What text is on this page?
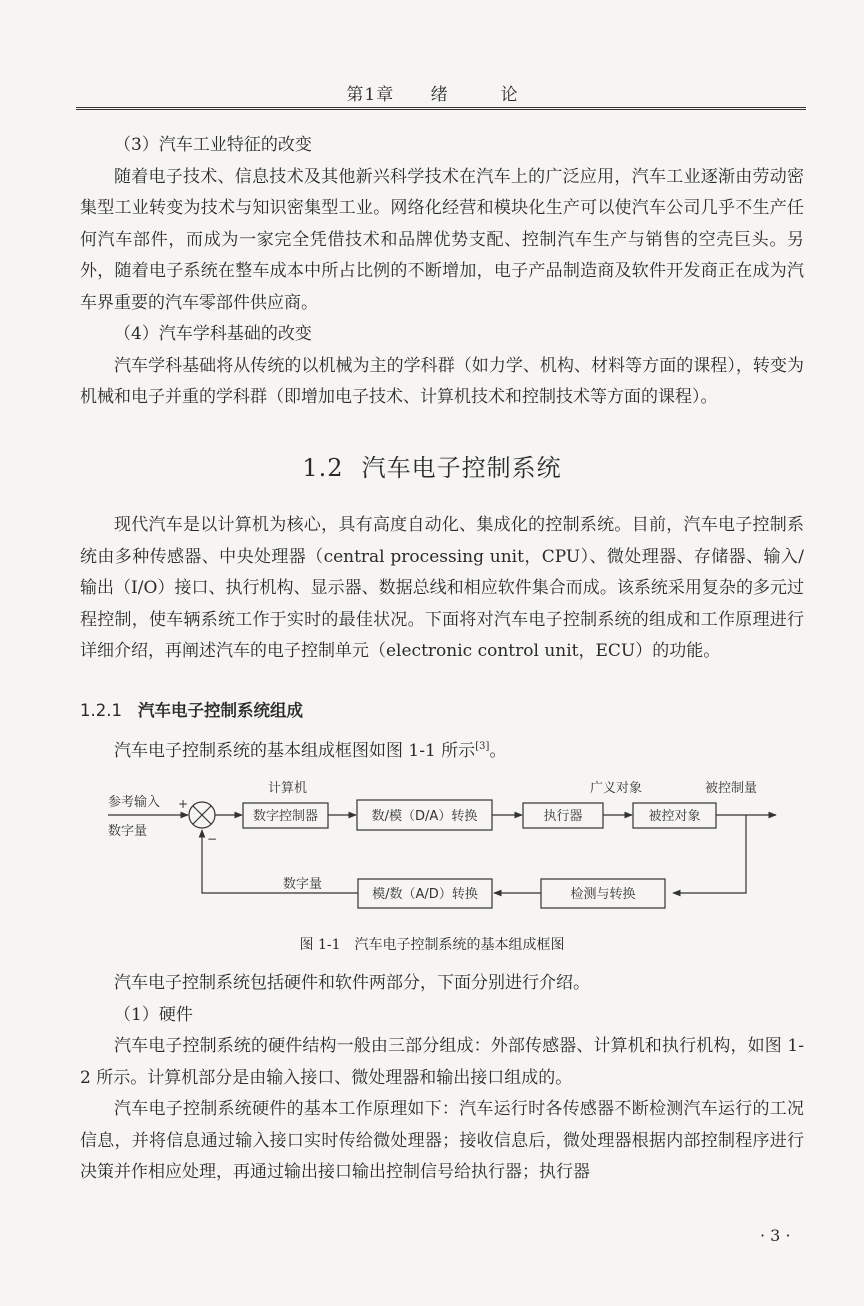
第1章 绪　论

（3）汽车工业特征的改变

随着电子技术、信息技术及其他新兴科学技术在汽车上的广泛应用，汽车工业逐渐由劳动密集型工业转变为技术与知识密集型工业。网络化经营和模块化生产可以使汽车公司几乎不生产任何汽车部件，而成为一家完全凭借技术和品牌优势支配、控制汽车生产与销售的空壳巨头。另外，随着电子系统在整车成本中所占比例的不断增加，电子产品制造商及软件开发商正在成为汽车界重要的汽车零部件供应商。

（4）汽车学科基础的改变

汽车学科基础将从传统的以机械为主的学科群（如力学、机构、材料等方面的课程），转变为机械和电子并重的学科群（即增加电子技术、计算机技术和控制技术等方面的课程）。

1.2 汽车电子控制系统

现代汽车是以计算机为核心，具有高度自动化、集成化的控制系统。目前，汽车电子控制系统由多种传感器、中央处理器（central processing unit，CPU）、微处理器、存储器、输入/输出（I/O）接口、执行机构、显示器、数据总线和相应软件集合而成。该系统采用复杂的多元过程控制，使车辆系统工作于实时的最佳状况。下面将对汽车电子控制系统的组成和工作原理进行详细介绍，再阐述汽车的电子控制单元（electronic control unit，ECU）的功能。

1.2.1 汽车电子控制系统组成

汽车电子控制系统的基本组成框图如图 1-1 所示[3]。

参考输入
数字量
+
−
计算机	广义对象	被控制量
数字量
数字控制器	数/模（D/A）转换	执行器	被控对象
模/数（A/D）转换	检测与转换
图 1-1 汽车电子控制系统的基本组成框图

汽车电子控制系统包括硬件和软件两部分，下面分别进行介绍。

（1）硬件

汽车电子控制系统的硬件结构一般由三部分组成：外部传感器、计算机和执行机构，如图 1-2 所示。计算机部分是由输入接口、微处理器和输出接口组成的。

汽车电子控制系统硬件的基本工作原理如下：汽车运行时各传感器不断检测汽车运行的工况信息，并将信息通过输入接口实时传给微处理器；接收信息后，微处理器根据内部控制程序进行决策并作相应处理，再通过输出接口输出控制信号给执行器；执行器

· 3 ·
